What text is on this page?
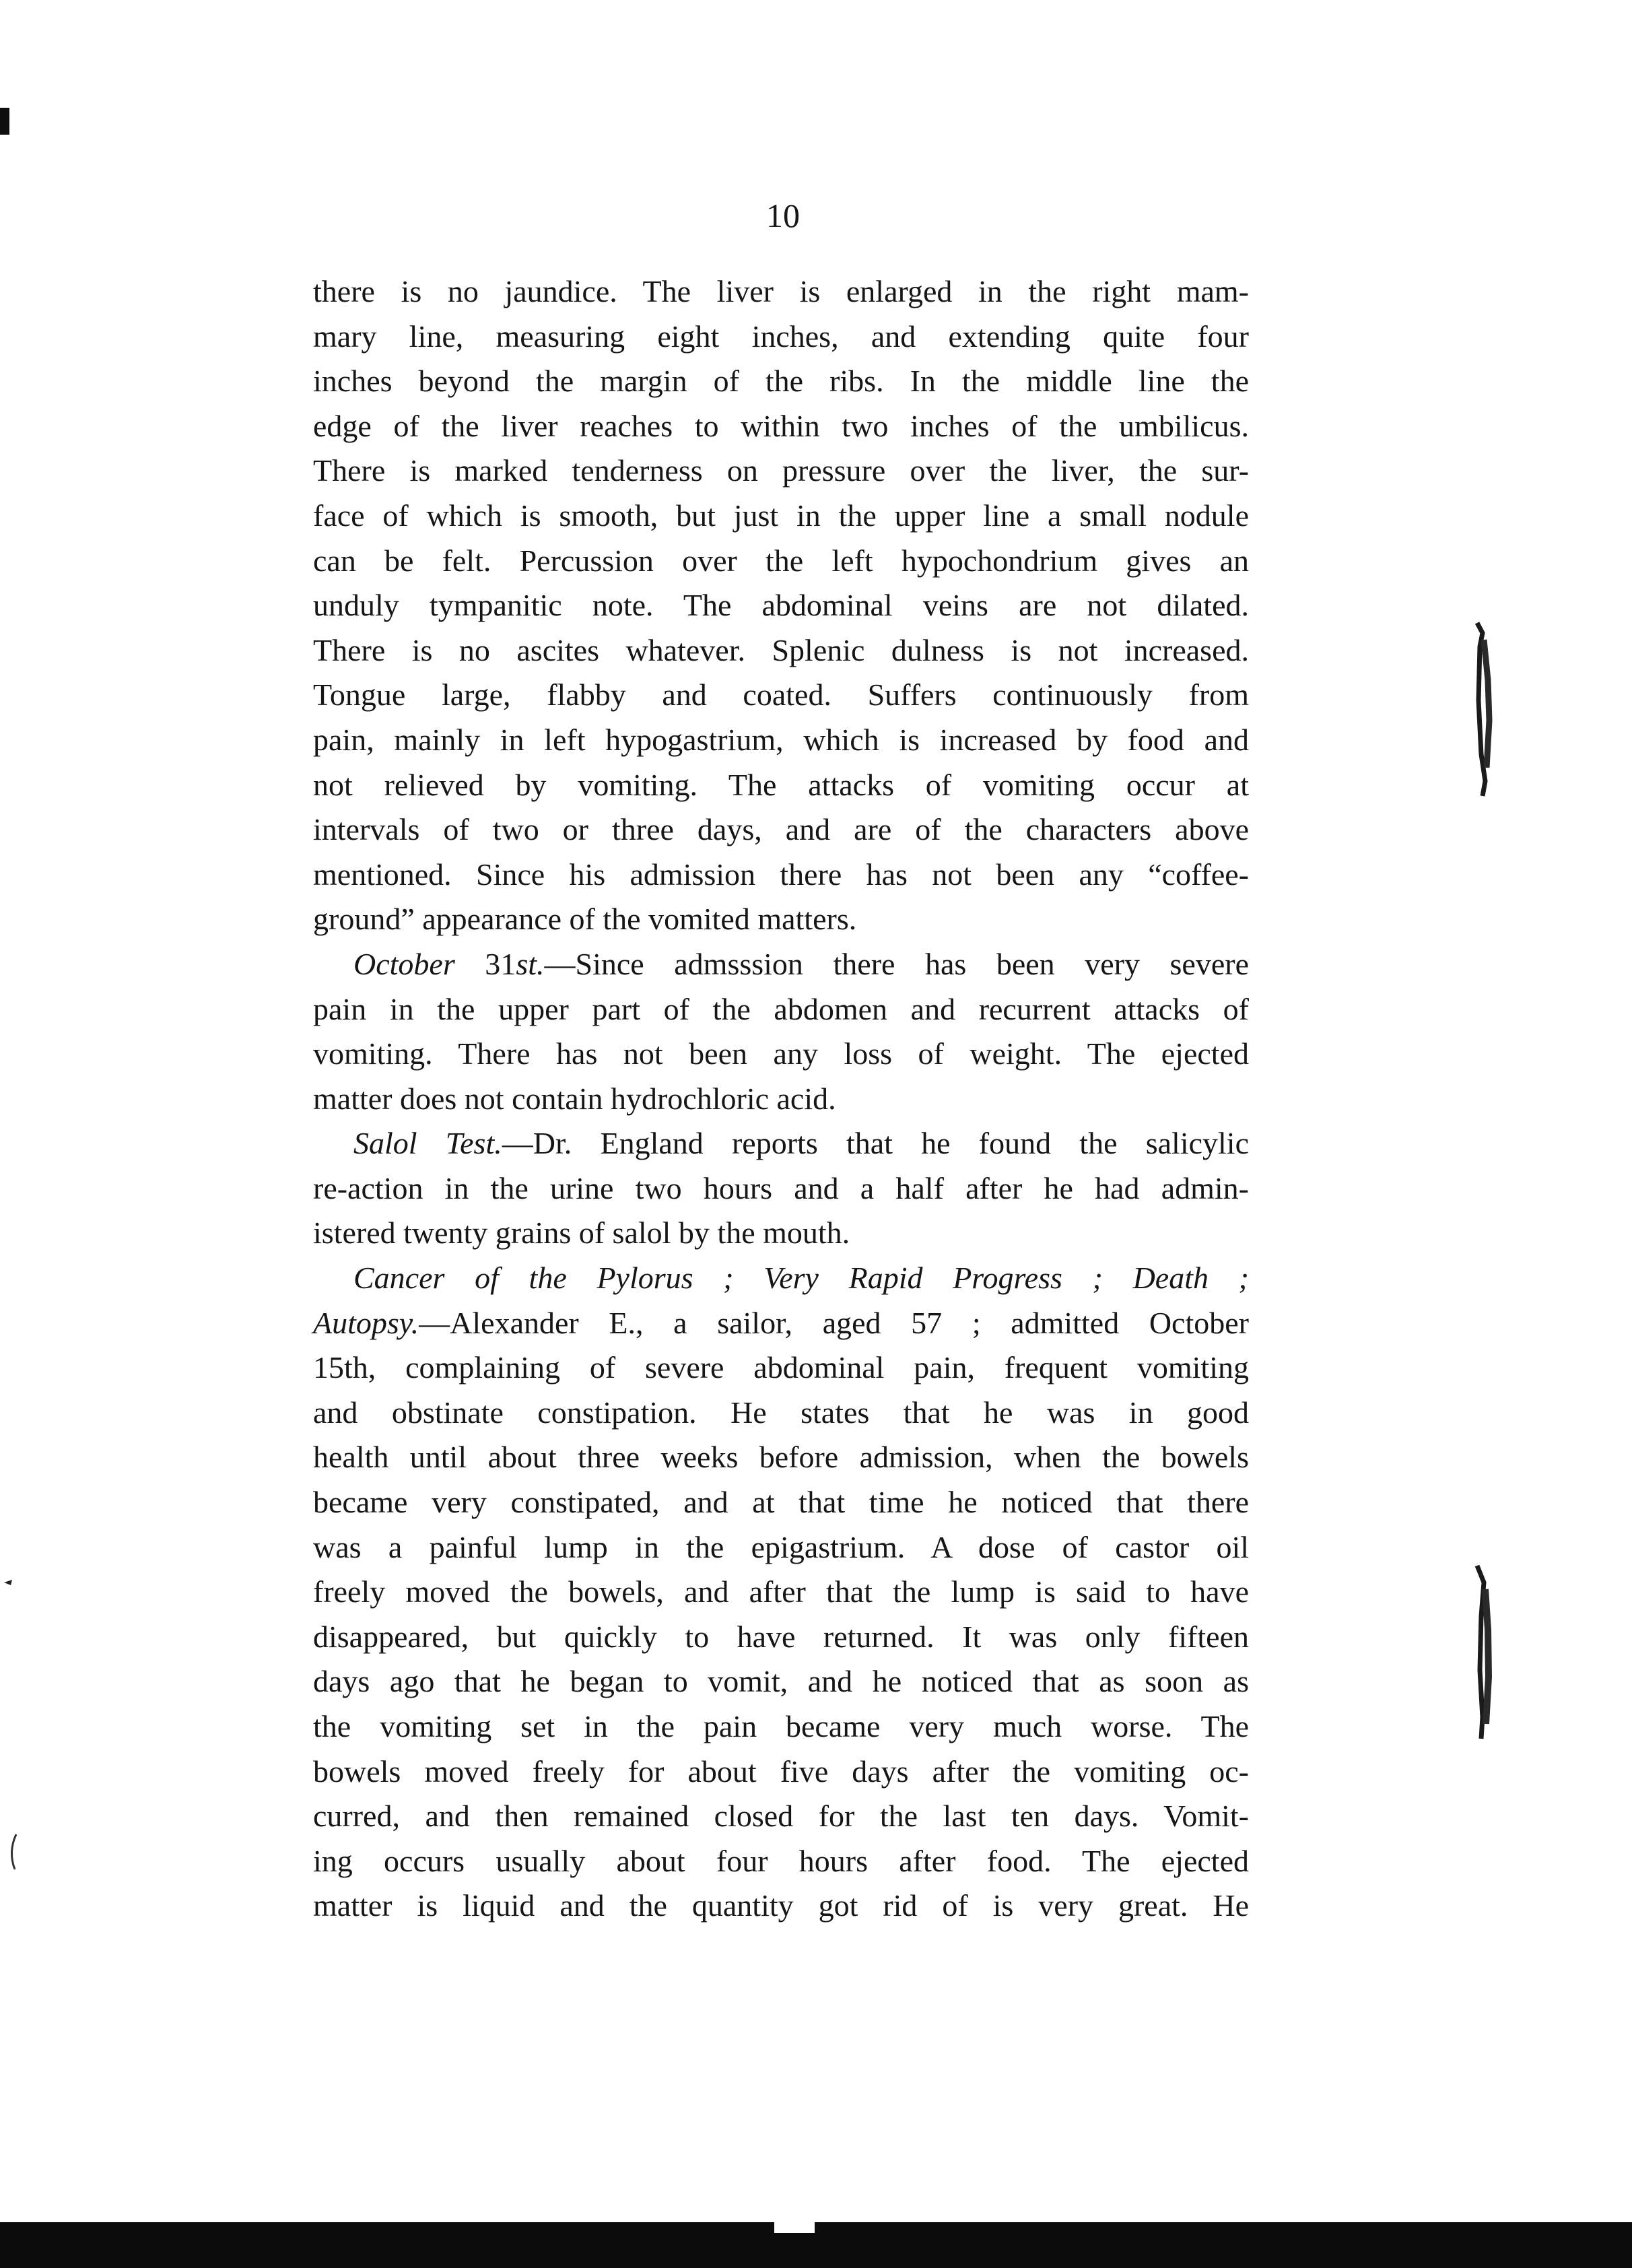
10
there is no jaundice. The liver is enlarged in the right mam-
mary line, measuring eight inches, and extending quite four
inches beyond the margin of the ribs. In the middle line the
edge of the liver reaches to within two inches of the umbilicus.
There is marked tenderness on pressure over the liver, the sur-
face of which is smooth, but just in the upper line a small nodule
can be felt. Percussion over the left hypochondrium gives an
unduly tympanitic note. The abdominal veins are not dilated.
There is no ascites whatever. Splenic dulness is not increased.
Tongue large, flabby and coated. Suffers continuously from
pain, mainly in left hypogastrium, which is increased by food and
not relieved by vomiting. The attacks of vomiting occur at
intervals of two or three days, and are of the characters above
mentioned. Since his admission there has not been any “coffee-
ground” appearance of the vomited matters.
October 31st.—Since admsssion there has been very severe
pain in the upper part of the abdomen and recurrent attacks of
vomiting. There has not been any loss of weight. The ejected
matter does not contain hydrochloric acid.
Salol Test.—Dr. England reports that he found the salicylic
re-action in the urine two hours and a half after he had admin-
istered twenty grains of salol by the mouth.
Cancer of the Pylorus ; Very Rapid Progress ; Death ;
Autopsy.—Alexander E., a sailor, aged 57 ; admitted October
15th, complaining of severe abdominal pain, frequent vomiting
and obstinate constipation. He states that he was in good
health until about three weeks before admission, when the bowels
became very constipated, and at that time he noticed that there
was a painful lump in the epigastrium. A dose of castor oil
freely moved the bowels, and after that the lump is said to have
disappeared, but quickly to have returned. It was only fifteen
days ago that he began to vomit, and he noticed that as soon as
the vomiting set in the pain became very much worse. The
bowels moved freely for about five days after the vomiting oc-
curred, and then remained closed for the last ten days. Vomit-
ing occurs usually about four hours after food. The ejected
matter is liquid and the quantity got rid of is very great. He
